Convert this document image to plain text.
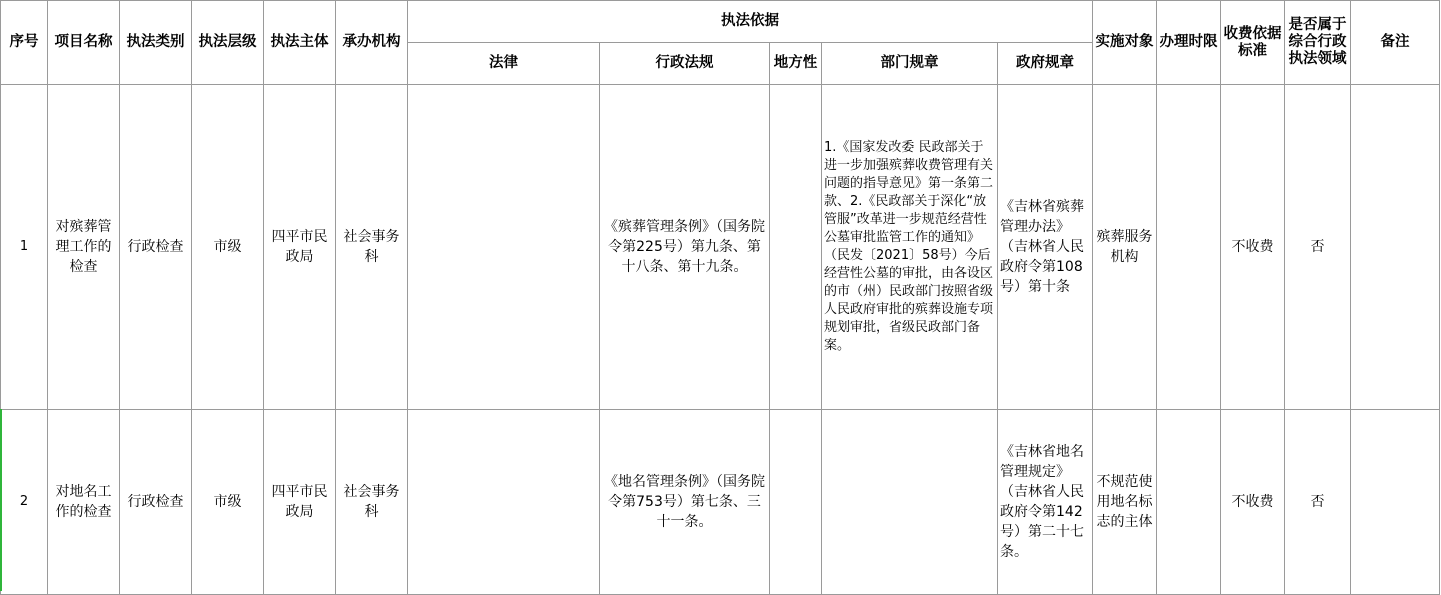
序号	项目名称	执法类别	执法层级	执法主体	承办机构	执法依据					实施对象	办理时限	收费依据标准	是否属于综合行政执法领域	备注
						法律	行政法规	地方性	部门规章	政府规章					
1	对殡葬管理工作的检查	行政检查	市级	四平市民政局	社会事务科		《殡葬管理条例》（国务院令第225号）第九条、第十八条、第十九条。		1.《国家发改委 民政部关于进一步加强殡葬收费管理有关问题的指导意见》第一条第二款、2.《民政部关于深化“放管服”改革进一步规范经营性公墓审批监管工作的通知》（民发〔2021〕58号）今后经营性公墓的审批，由各设区的市（州）民政部门按照省级人民政府审批的殡葬设施专项规划审批，省级民政部门备案。	《吉林省殡葬管理办法》（吉林省人民政府令第108号）第十条	殡葬服务机构		不收费	否	
2	对地名工作的检查	行政检查	市级	四平市民政局	社会事务科		《地名管理条例》（国务院令第753号）第七条、三十一条。			《吉林省地名管理规定》（吉林省人民政府令第142号）第二十七条。	不规范使用地名标志的主体		不收费	否	
